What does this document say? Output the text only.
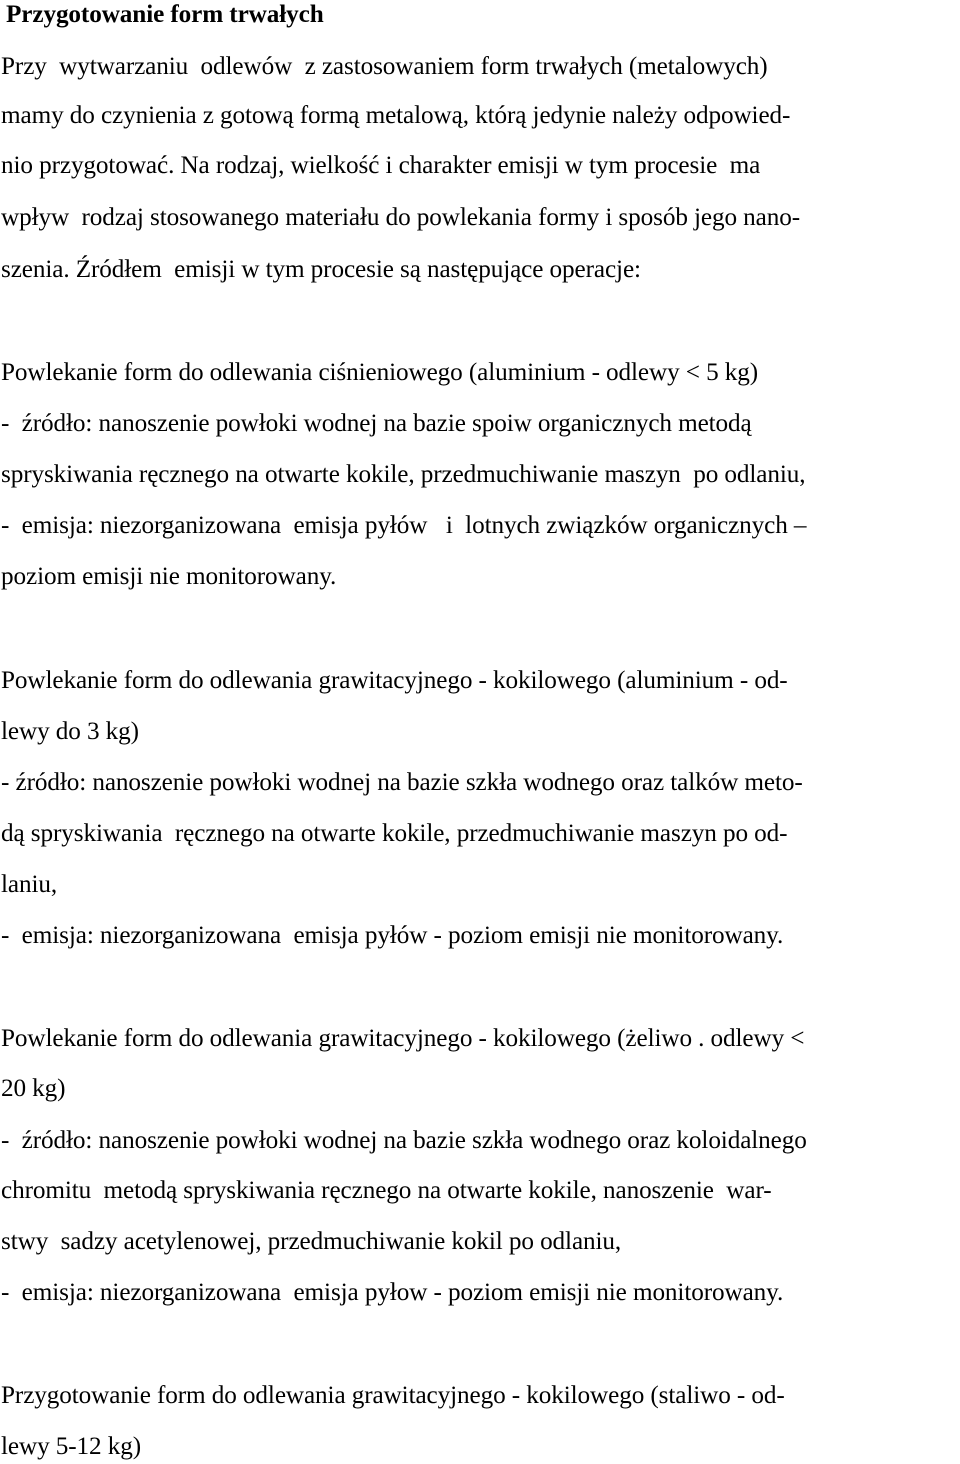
Przygotowanie form trwałych
Przy  wytwarzaniu  odlewów  z zastosowaniem form trwałych (metalowych)
mamy do czynienia z gotową formą metalową, którą jedynie należy odpowied-
nio przygotować. Na rodzaj, wielkość i charakter emisji w tym procesie  ma
wpływ  rodzaj stosowanego materiału do powlekania formy i sposób jego nano-
szenia. Źródłem  emisji w tym procesie są następujące operacje:
Powlekanie form do odlewania ciśnieniowego (aluminium - odlewy < 5 kg)
-  źródło: nanoszenie powłoki wodnej na bazie spoiw organicznych metodą
spryskiwania ręcznego na otwarte kokile, przedmuchiwanie maszyn  po odlaniu,
-  emisja: niezorganizowana  emisja pyłów   i  lotnych związków organicznych –
poziom emisji nie monitorowany.
Powlekanie form do odlewania grawitacyjnego - kokilowego (aluminium - od-
lewy do 3 kg)
- źródło: nanoszenie powłoki wodnej na bazie szkła wodnego oraz talków meto-
dą spryskiwania  ręcznego na otwarte kokile, przedmuchiwanie maszyn po od-
laniu,
-  emisja: niezorganizowana  emisja pyłów - poziom emisji nie monitorowany.
Powlekanie form do odlewania grawitacyjnego - kokilowego (żeliwo . odlewy <
20 kg)
-  źródło: nanoszenie powłoki wodnej na bazie szkła wodnego oraz koloidalnego
chromitu  metodą spryskiwania ręcznego na otwarte kokile, nanoszenie  war-
stwy  sadzy acetylenowej, przedmuchiwanie kokil po odlaniu,
-  emisja: niezorganizowana  emisja pyłow - poziom emisji nie monitorowany.
Przygotowanie form do odlewania grawitacyjnego - kokilowego (staliwo - od-
lewy 5-12 kg)
